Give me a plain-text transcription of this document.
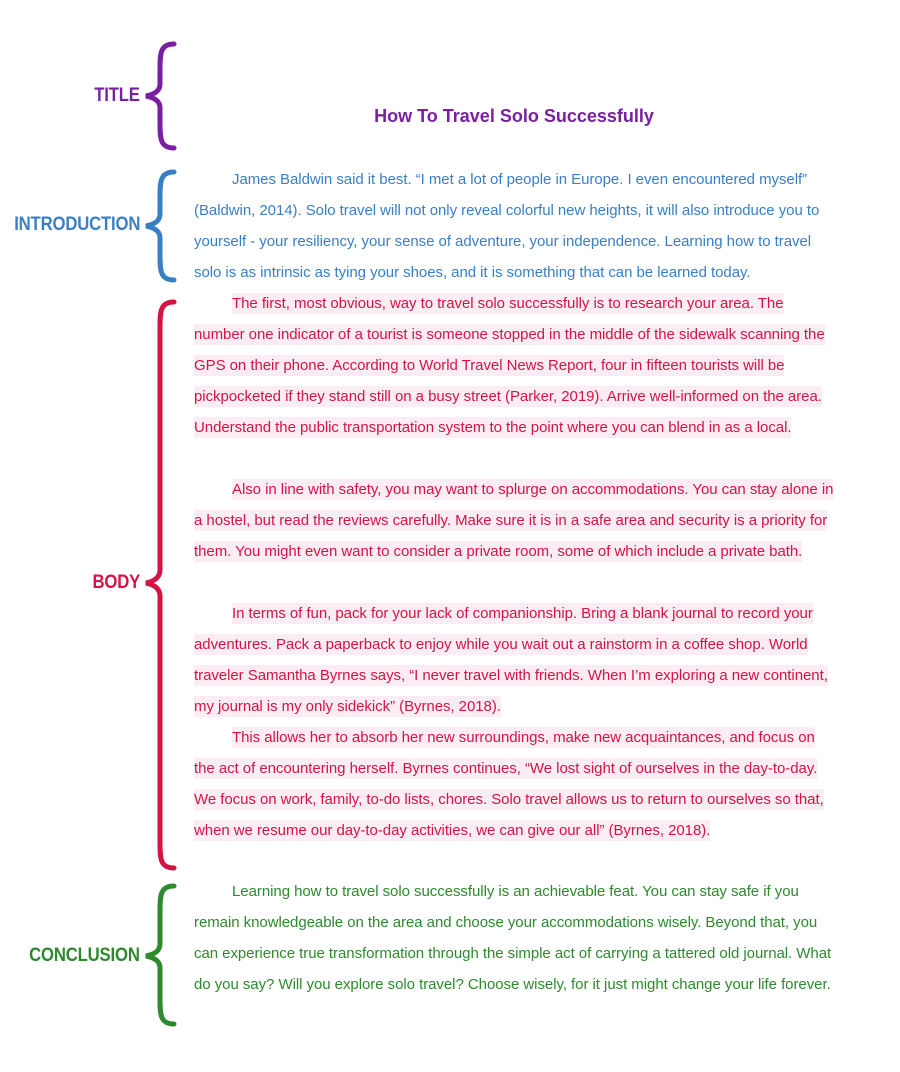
TITLE
INTRODUCTION
BODY
CONCLUSION
How To Travel Solo Successfully

James Baldwin said it best. “I met a lot of people in Europe. I even encountered myself” (Baldwin, 2014). Solo travel will not only reveal colorful new heights, it will also introduce you to yourself - your resiliency, your sense of adventure, your independence. Learning how to travel solo is as intrinsic as tying your shoes, and it is something that can be learned today.

The first, most obvious, way to travel solo successfully is to research your area. The number one indicator of a tourist is someone stopped in the middle of the sidewalk scanning the GPS on their phone. According to World Travel News Report, four in fifteen tourists will be pickpocketed if they stand still on a busy street (Parker, 2019). Arrive well-informed on the area. Understand the public transportation system to the point where you can blend in as a local.

Also in line with safety, you may want to splurge on accommodations. You can stay alone in a hostel, but read the reviews carefully. Make sure it is in a safe area and security is a priority for them. You might even want to consider a private room, some of which include a private bath.

In terms of fun, pack for your lack of companionship. Bring a blank journal to record your adventures. Pack a paperback to enjoy while you wait out a rainstorm in a coffee shop. World traveler Samantha Byrnes says, “I never travel with friends. When I’m exploring a new continent, my journal is my only sidekick” (Byrnes, 2018).

This allows her to absorb her new surroundings, make new acquaintances, and focus on the act of encountering herself. Byrnes continues, “We lost sight of ourselves in the day-to-day. We focus on work, family, to-do lists, chores. Solo travel allows us to return to ourselves so that, when we resume our day-to-day activities, we can give our all” (Byrnes, 2018).

Learning how to travel solo successfully is an achievable feat. You can stay safe if you remain knowledgeable on the area and choose your accommodations wisely. Beyond that, you can experience true transformation through the simple act of carrying a tattered old journal. What do you say? Will you explore solo travel? Choose wisely, for it just might change your life forever.
